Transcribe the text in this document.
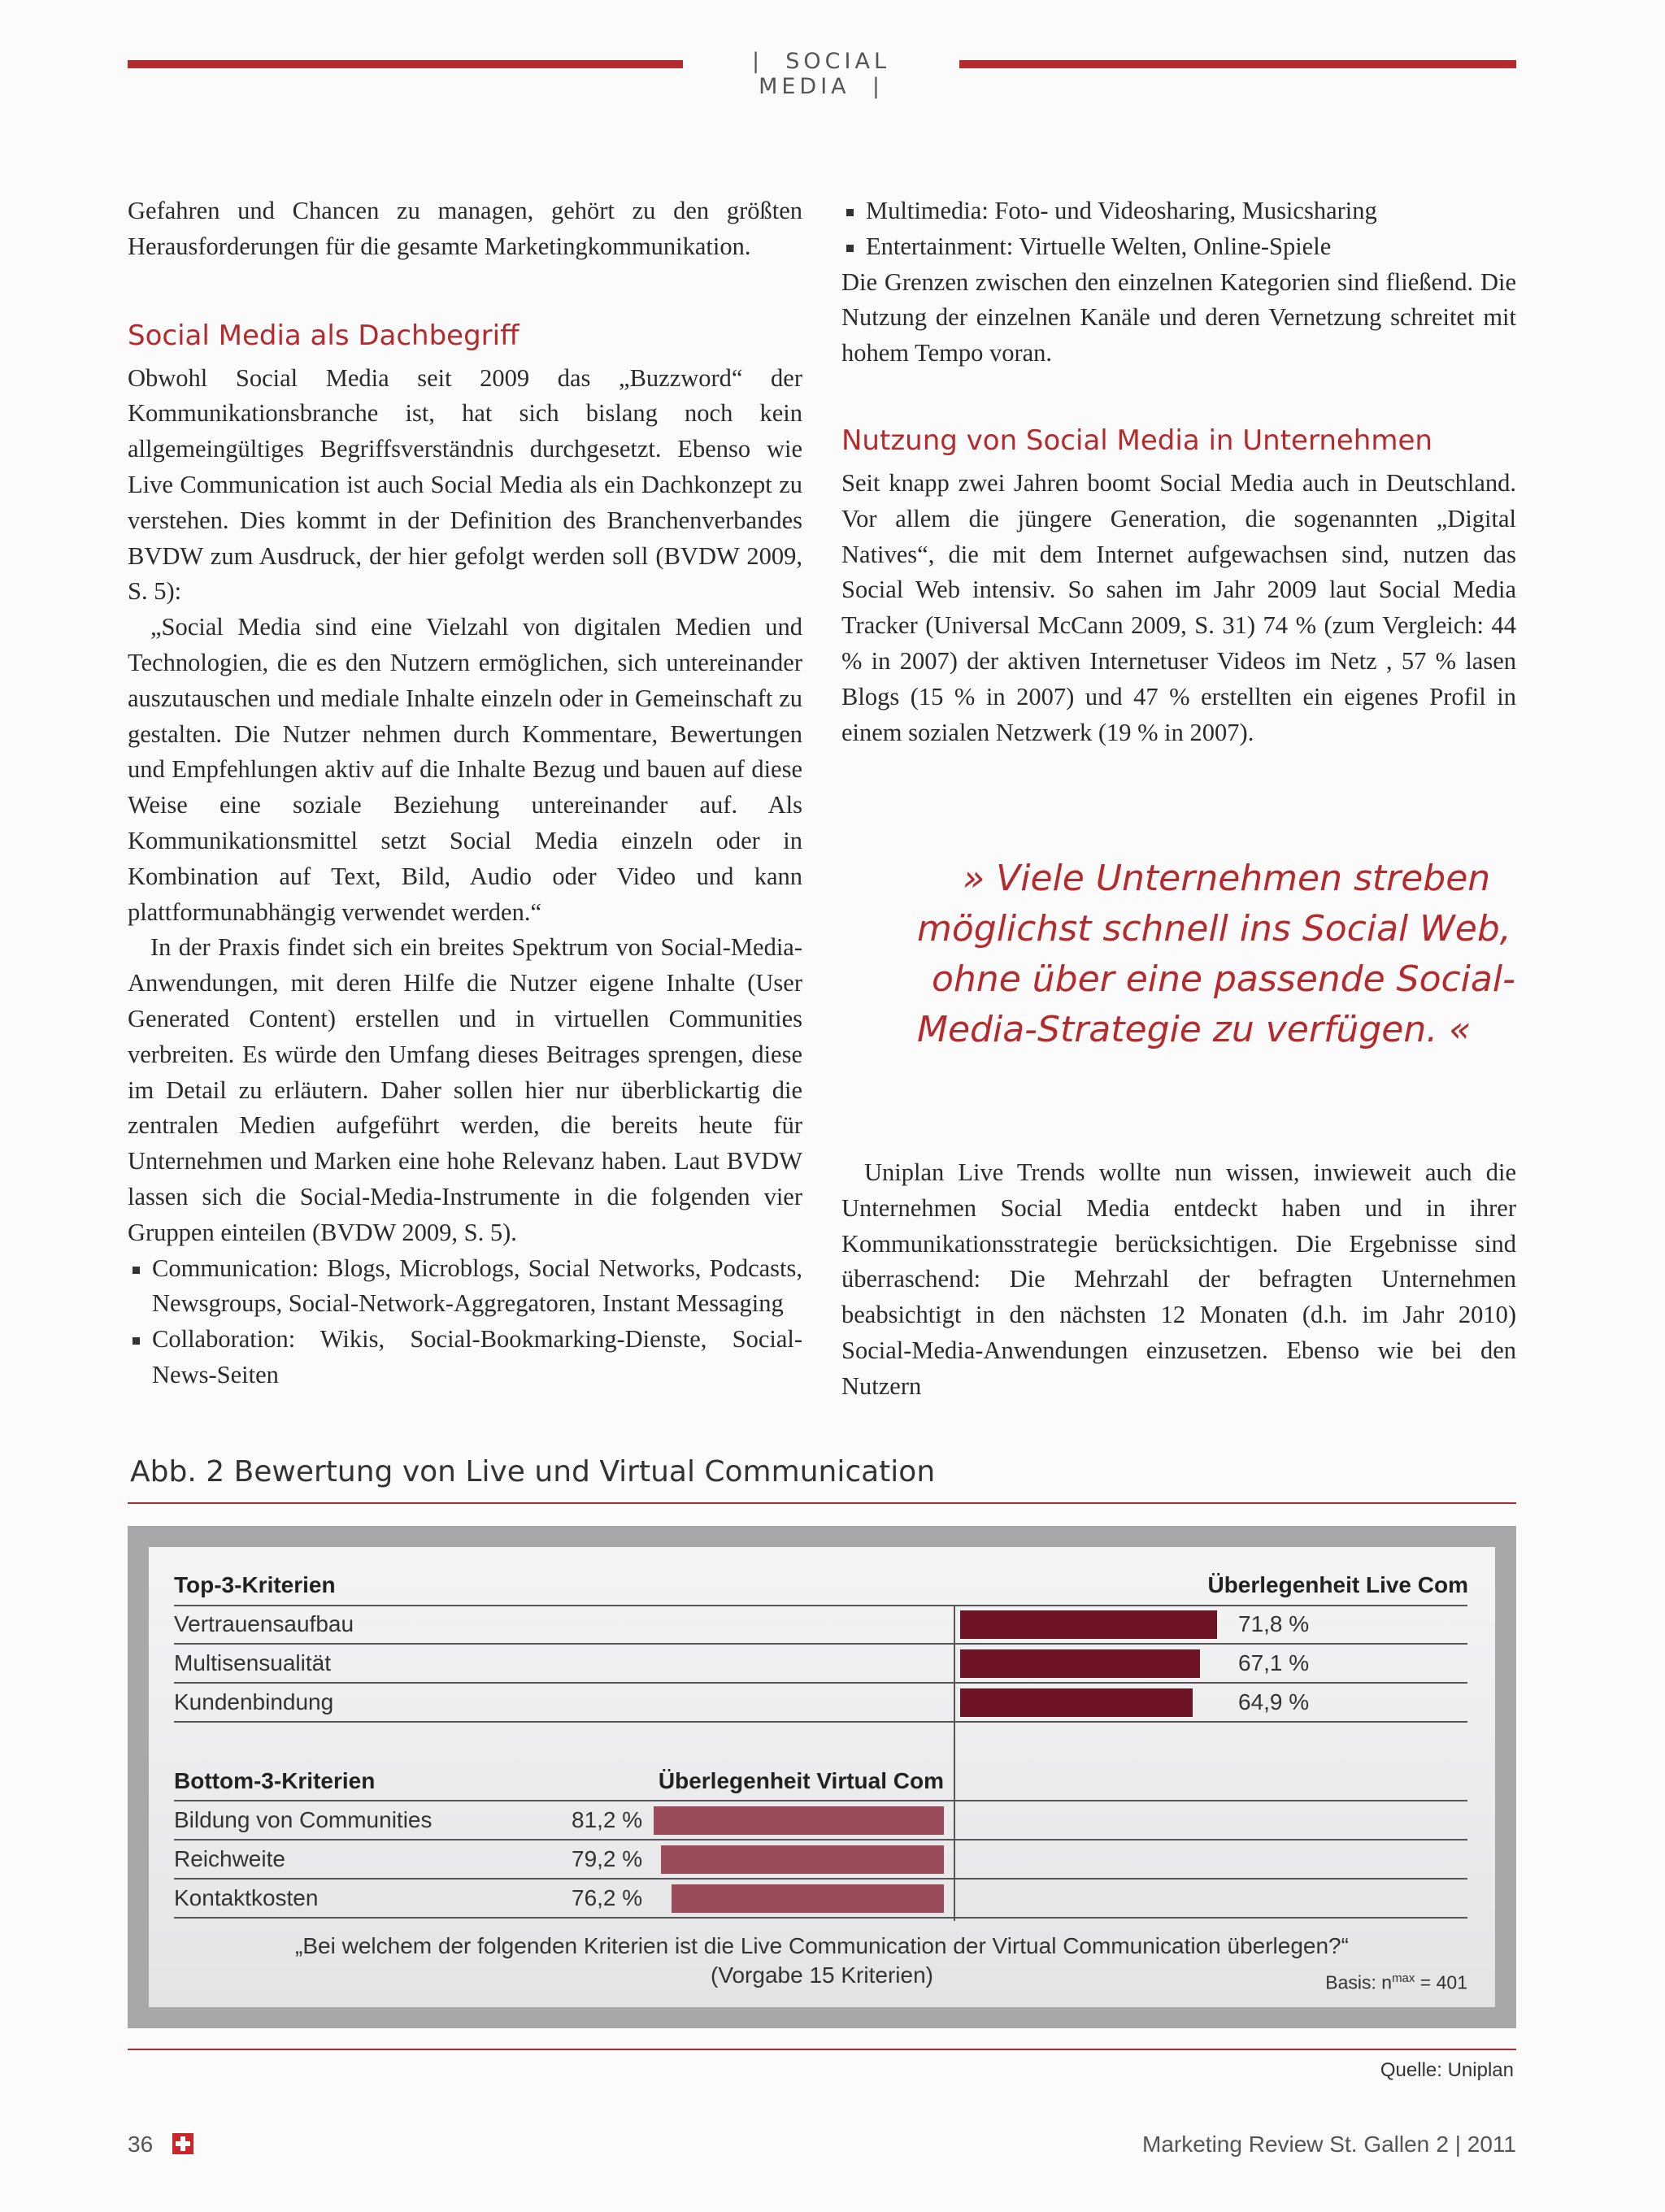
|  SOCIAL MEDIA  |

Gefahren und Chancen zu managen, gehört zu den größten Herausforderungen für die gesamte Marketingkommunikation.

Social Media als Dachbegriff

Obwohl Social Media seit 2009 das „Buzzword“ der Kommunikationsbranche ist, hat sich bislang noch kein allgemeingültiges Begriffsverständnis durchgesetzt. Ebenso wie Live Communication ist auch Social Media als ein Dachkonzept zu verstehen. Dies kommt in der Definition des Branchenverbandes BVDW zum Ausdruck, der hier gefolgt werden soll (BVDW 2009, S. 5):

„Social Media sind eine Vielzahl von digitalen Medien und Technologien, die es den Nutzern ermöglichen, sich untereinander auszutauschen und mediale Inhalte einzeln oder in Gemeinschaft zu gestalten. Die Nutzer nehmen durch Kommentare, Bewertungen und Empfehlungen aktiv auf die Inhalte Bezug und bauen auf diese Weise eine soziale Beziehung untereinander auf. Als Kommunikationsmittel setzt Social Media einzeln oder in Kombination auf Text, Bild, Audio oder Video und kann plattformunabhängig verwendet werden.“

In der Praxis findet sich ein breites Spektrum von Social-Media-Anwendungen, mit deren Hilfe die Nutzer eigene Inhalte (User Generated Content) erstellen und in virtuellen Communities verbreiten. Es würde den Umfang dieses Beitrages sprengen, diese im Detail zu erläutern. Daher sollen hier nur überblickartig die zentralen Medien aufgeführt werden, die bereits heute für Unternehmen und Marken eine hohe Relevanz haben. Laut BVDW lassen sich die Social-Media-Instrumente in die folgenden vier Gruppen einteilen (BVDW 2009, S. 5).

Communication: Blogs, Microblogs, Social Networks, Podcasts, Newsgroups, Social-Network-Aggregatoren, Instant Messaging
Collaboration: Wikis, Social-Bookmarking-Dienste, Social-News-Seiten
Multimedia: Foto- und Videosharing, Musicsharing
Entertainment: Virtuelle Welten, Online-Spiele

Die Grenzen zwischen den einzelnen Kategorien sind fließend. Die Nutzung der einzelnen Kanäle und deren Vernetzung schreitet mit hohem Tempo voran.

Nutzung von Social Media in Unternehmen

Seit knapp zwei Jahren boomt Social Media auch in Deutschland. Vor allem die jüngere Generation, die sogenannten „Digital Natives“, die mit dem Internet aufgewachsen sind, nutzen das Social Web intensiv. So sahen im Jahr 2009 laut Social Media Tracker (Universal McCann 2009, S. 31) 74 % (zum Vergleich: 44 % in 2007) der aktiven Internetuser Videos im Netz , 57 % lasen Blogs (15 % in 2007) und 47 % erstellten ein eigenes Profil in einem sozialen Netzwerk (19 % in 2007).

» Viele Unternehmen streben
möglichst schnell ins Social Web,
ohne über eine passende Social-
Media-Strategie zu verfügen. «

Uniplan Live Trends wollte nun wissen, inwieweit auch die Unternehmen Social Media entdeckt haben und in ihrer Kommunikationsstrategie berücksichtigen. Die Ergebnisse sind überraschend: Die Mehrzahl der befragten Unternehmen beabsichtigt in den nächsten 12 Monaten (d.h. im Jahr 2010) Social-Media-Anwendungen einzusetzen. Ebenso wie bei den Nutzern

Abb. 2 Bewertung von Live und Virtual Communication
Top-3-Kriterien	Überlegenheit Live Com
Vertrauensaufbau	71,8 %
Multisensualität	67,1 %
Kundenbindung	64,9 %
Bottom-3-Kriterien	Überlegenheit Virtual Com
Bildung von Communities	81,2 %
Reichweite	79,2 %
Kontaktkosten	76,2 %
„Bei welchem der folgenden Kriterien ist die Live Communication der Virtual Communication überlegen?“
(Vorgabe 15 Kriterien)	Basis: $n^{max} = 401$
Quelle: Uniplan
36	Marketing Review St. Gallen 2 | 2011
